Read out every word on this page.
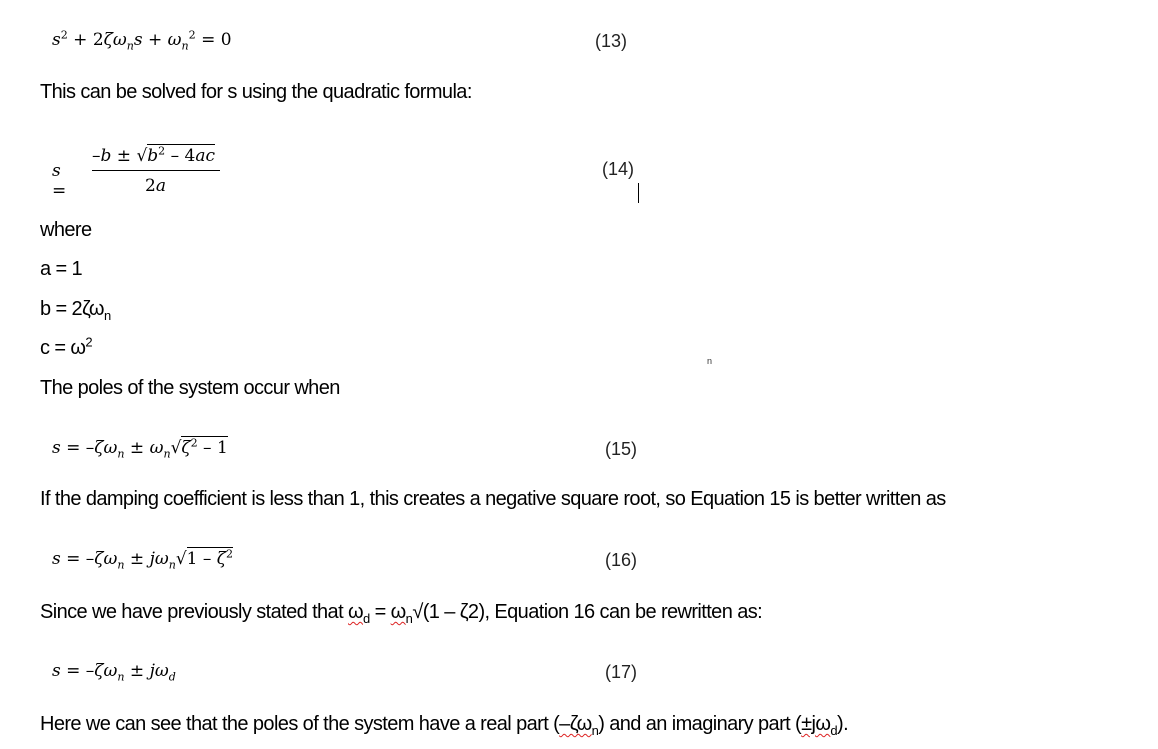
$s^2 + 2\zeta\omega_ns + \omega_n^2 = 0$	(13)
This can be solved for s using the quadratic formula:
s =
$-b \pm √b^2 - 4ac$
2a
(14)
where
a = 1
$b = 2\zeta\omega_n$
$c = \omega^2$
n
The poles of the system occur when
$s = -\zeta\omega_n \pm \omega_n√\zeta^2 - 1$	(15)
If the damping coefficient is less than 1, this creates a negative square root, so Equation 15 is better written as
$s = -\zeta\omega_n \pm j\omega_n√1 - \zeta^2$	(16)
Since we have previously stated that $\omega_d = \omega_n√(1 - \zeta 2)$, Equation 16 can be rewritten as:
$s = -\zeta\omega_n \pm j\omega_d$	(17)
Here we can see that the poles of the system have a real part $(-\zeta\omega_n)$ and an imaginary part $(\pm j\omega_d)$.
